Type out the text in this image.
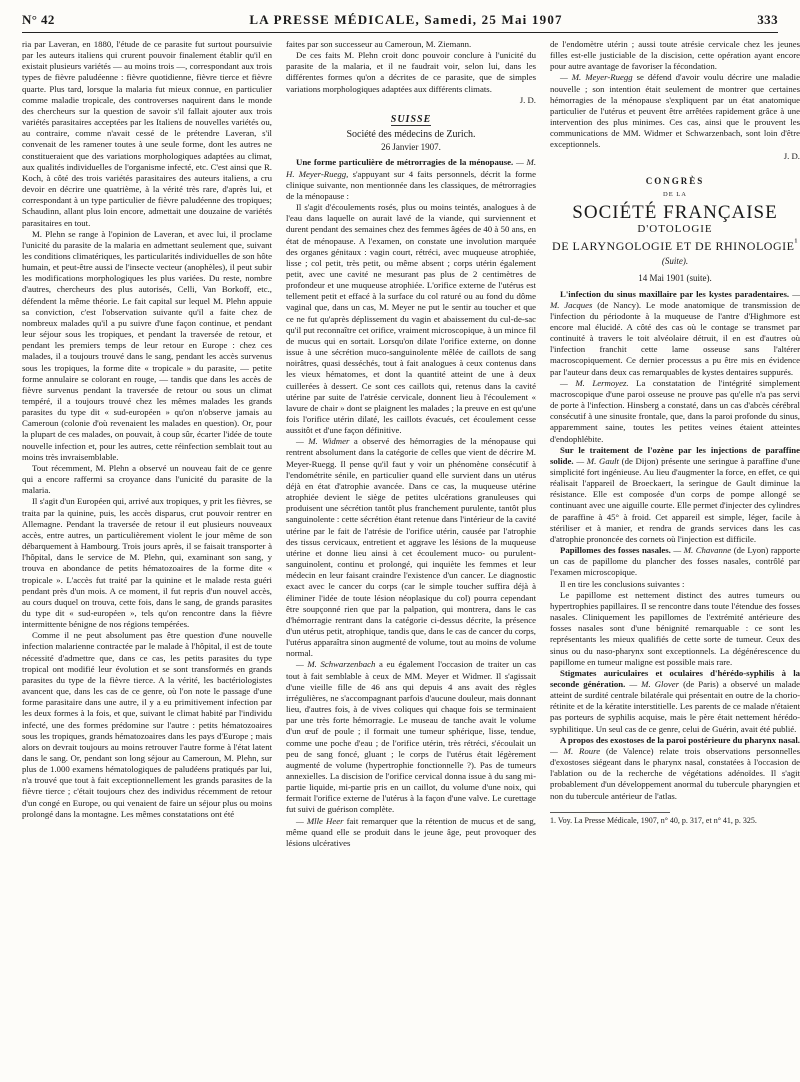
N° 42	LA PRESSE MÉDICALE, Samedi, 25 Mai 1907	333

ria par Laveran, en 1880, l'étude de ce parasite fut surtout poursuivie par les auteurs italiens qui crurent pouvoir finalement établir qu'il en existait plusieurs variétés — au moins trois —, correspondant aux trois types de fièvre paludéenne : fièvre quotidienne, fièvre tierce et fièvre quarte. Plus tard, lorsque la malaria fut mieux connue, en particulier comme maladie tropicale, des controverses naquirent dans le monde des chercheurs sur la question de savoir s'il fallait ajouter aux trois variétés parasitaires acceptées par les Italiens de nouvelles variétés ou, au contraire, comme n'avait cessé de le prétendre Laveran, s'il convenait de les ramener toutes à une seule forme, dont les autres ne constitueraient que des variations morphologiques adaptées au climat, aux qualités individuelles de l'organisme infecté, etc. C'est ainsi que R. Koch, à côté des trois variétés parasitaires des auteurs italiens, a cru devoir en décrire une quatrième, à la vérité très rare, d'après lui, et correspondant à un type particulier de fièvre paludéenne des tropiques; Schaudinn, allant plus loin encore, admettait une douzaine de variétés parasitaires en tout.

M. Plehn se range à l'opinion de Laveran, et avec lui, il proclame l'unicité du parasite de la malaria en admettant seulement que, suivant les conditions climatériques, les particularités individuelles de son hôte humain, et peut-être aussi de l'insecte vecteur (anophèles), il peut subir les modifications morphologiques les plus variées. Du reste, nombre d'autres, chercheurs des plus autorisés, Celli, Van Borkoff, etc., défendent la même théorie. Le fait capital sur lequel M. Plehn appuie sa conviction, c'est l'observation suivante qu'il a faite chez de nombreux malades qu'il a pu suivre d'une façon continue, et pendant leur séjour sous les tropiques, et pendant la traversée de retour, et pendant les premiers temps de leur retour en Europe : chez ces malades, il a toujours trouvé dans le sang, pendant les accès survenus sous les tropiques, la forme dite « tropicale » du parasite, — petite forme annulaire se colorant en rouge, — tandis que dans les accès de fièvre survenus pendant la traversée de retour ou sous un climat tempéré, il a toujours trouvé chez les mêmes malades les grands parasites du type dit « sud-européen » qu'on n'observe jamais au Cameroun (colonie d'où revenaient les malades en question). Or, pour la plupart de ces malades, on pouvait, à coup sûr, écarter l'idée de toute nouvelle infection et, pour les autres, cette réinfection semblait tout au moins très invraisemblable.

Tout récemment, M. Plehn a observé un nouveau fait de ce genre qui a encore raffermi sa croyance dans l'unicité du parasite de la malaria.

Il s'agit d'un Européen qui, arrivé aux tropiques, y prit les fièvres, se traita par la quinine, puis, les accès disparus, crut pouvoir rentrer en Allemagne. Pendant la traversée de retour il eut plusieurs nouveaux accès, entre autres, un particulièrement violent le jour même de son débarquement à Hambourg. Trois jours après, il se faisait transporter à l'hôpital, dans le service de M. Plehn, qui, examinant son sang, y trouva en abondance de petits hématozoaires de la forme dite « tropicale ». L'accès fut traité par la quinine et le malade resta guéri pendant près d'un mois. A ce moment, il fut repris d'un nouvel accès, au cours duquel on trouva, cette fois, dans le sang, de grands parasites du type dit « sud-européen », tels qu'on rencontre dans la fièvre intermittente bénigne de nos régions tempérées.

Comme il ne peut absolument pas être question d'une nouvelle infection malarienne contractée par le malade à l'hôpital, il est de toute nécessité d'admettre que, dans ce cas, les petits parasites du type tropical ont modifié leur évolution et se sont transformés en grands parasites du type de la fièvre tierce. A la vérité, les bactériologistes avancent que, dans les cas de ce genre, où l'on note le passage d'une forme parasitaire dans une autre, il y a eu primitivement infection par les deux formes à la fois, et que, suivant le climat habité par l'individu infecté, une des formes prédomine sur l'autre : petits hématozoaires sous les tropiques, grands hématozoaires dans les pays d'Europe ; mais alors on devrait toujours au moins retrouver l'autre forme à l'état latent dans le sang. Or, pendant son long séjour au Cameroun, M. Plehn, sur plus de 1.000 examens hématologiques de paludéens pratiqués par lui, n'a trouvé que tout à fait exceptionnellement les grands parasites de la fièvre tierce ; c'était toujours chez des individus récemment de retour d'un congé en Europe, ou qui venaient de faire un séjour plus ou moins prolongé dans la montagne. Les mêmes constatations ont été

faites par son successeur au Cameroun, M. Ziemann.

De ces faits M. Plehn croit donc pouvoir conclure à l'unicité du parasite de la malaria, et il ne faudrait voir, selon lui, dans les différentes formes qu'on a décrites de ce parasite, que de simples variations morphologiques adaptées aux différents climats.

J. D.

SUISSE
Société des médecins de Zurich.
26 Janvier 1907.

Une forme particulière de métrorragies de la ménopause. — M. H. Meyer-Ruegg, s'appuyant sur 4 faits personnels, décrit la forme clinique suivante, non mentionnée dans les classiques, de métrorragies de la ménopause :

Il s'agit d'écoulements rosés, plus ou moins teintés, analogues à de l'eau dans laquelle on aurait lavé de la viande, qui surviennent et durent pendant des semaines chez des femmes âgées de 40 à 50 ans, en état de ménopause. A l'examen, on constate une involution marquée des organes génitaux : vagin court, rétréci, avec muqueuse atrophiée, lisse ; col petit, très petit, ou même absent ; corps utérin également petit, avec une cavité ne mesurant pas plus de 2 centimètres de profondeur et une muqueuse atrophiée. L'orifice externe de l'utérus est tellement petit et effacé à la surface du col raturé ou au fond du dôme vaginal que, dans un cas, M. Meyer ne put le sentir au toucher et que ce ne fut qu'après déplissement du vagin et abaissement du cul-de-sac qu'il put reconnaître cet orifice, vraiment microscopique, à un mince fil de mucus qui en sortait. Lorsqu'on dilate l'orifice externe, on donne issue à une sécrétion muco-sanguinolente mêlée de caillots de sang noirâtres, quasi desséchés, tout à fait analogues à ceux contenus dans les vieux hématomes, et dont la quantité atteint de une à deux cuillerées à dessert. Ce sont ces caillots qui, retenus dans la cavité utérine par suite de l'atrésie cervicale, donnent lieu à l'écoulement « lavure de chair » dont se plaignent les malades ; la preuve en est qu'une fois l'orifice utérin dilaté, les caillots évacués, cet écoulement cesse aussitôt et d'une façon définitive.

— M. Widmer a observé des hémorragies de la ménopause qui rentrent absolument dans la catégorie de celles que vient de décrire M. Meyer-Ruegg. Il pense qu'il faut y voir un phénomène consécutif à l'endométrite sénile, en particulier quand elle survient dans un utérus déjà en état d'atrophie avancée. Dans ce cas, la muqueuse utérine atrophiée devient le siège de petites ulcérations granuleuses qui produisent une sécrétion tantôt plus franchement purulente, tantôt plus sanguinolente : cette sécrétion étant retenue dans l'intérieur de la cavité utérine par le fait de l'atrésie de l'orifice utérin, causée par l'atrophie des tissus cervicaux, entretient et aggrave les lésions de la muqueuse utérine et donne lieu ainsi à cet écoulement muco- ou purulent-sanguinolent, continu et prolongé, qui inquiète les femmes et leur médecin en leur faisant craindre l'existence d'un cancer. Le diagnostic exact avec le cancer du corps (car le simple toucher suffira déjà à éliminer l'idée de toute lésion néoplasique du col) pourra cependant être soupçonné rien que par la palpation, qui montrera, dans le cas d'hémorragie rentrant dans la catégorie ci-dessus décrite, la présence d'un utérus petit, atrophique, tandis que, dans le cas de cancer du corps, l'utérus apparaîtra sinon augmenté de volume, tout au moins de volume normal.

— M. Schwarzenbach a eu également l'occasion de traiter un cas tout à fait semblable à ceux de MM. Meyer et Widmer. Il s'agissait d'une vieille fille de 46 ans qui depuis 4 ans avait des règles irrégulières, ne s'accompagnant parfois d'aucune douleur, mais donnant lieu, d'autres fois, à de vives coliques qui chaque fois se terminaient par une très forte hémorragie. Le museau de tanche avait le volume d'un œuf de poule ; il formait une tumeur sphérique, lisse, tendue, comme une poche d'eau ; de l'orifice utérin, très rétréci, s'écoulait un peu de sang foncé, gluant ; le corps de l'utérus était légèrement augmenté de volume (hypertrophie fonctionnelle ?). Pas de tumeurs annexielles. La discision de l'orifice cervical donna issue à du sang mi-partie liquide, mi-partie pris en un caillot, du volume d'une noix, qui fermait l'orifice externe de l'utérus à la façon d'une valve. Le curettage fut suivi de guérison complète.

— Mlle Heer fait remarquer que la rétention de mucus et de sang, même quand elle se produit dans le jeune âge, peut provoquer des lésions ulcératives

de l'endomètre utérin ; aussi toute atrésie cervicale chez les jeunes filles est-elle justiciable de la discision, cette opération ayant encore pour autre avantage de favoriser la fécondation.

— M. Meyer-Ruegg se défend d'avoir voulu décrire une maladie nouvelle ; son intention était seulement de montrer que certaines hémorragies de la ménopause s'expliquent par un état anatomique particulier de l'utérus et peuvent être arrêtées rapidement grâce à une intervention des plus minimes. Ces cas, ainsi que le prouvent les communications de MM. Widmer et Schwarzenbach, sont loin d'être exceptionnels.

J. D.

CONGRÈS
DE LA
SOCIÉTÉ FRANÇAISE
D'OTOLOGIE
DE LARYNGOLOGIE ET DE $RHINOLOGIE^{^1}$
(Suite).
14 Mai 1901 (suite).

L'infection du sinus maxillaire par les kystes paradentaires. — M. Jacques (de Nancy). Le mode anatomique de transmission de l'infection du périodonte à la muqueuse de l'antre d'Highmore est encore mal élucidé. A côté des cas où le contage se transmet par continuité à travers le toit alvéolaire détruit, il en est d'autres où l'infection franchit cette lame osseuse sans l'altérer macroscopiquement. Ce dernier processus a pu être mis en évidence par l'auteur dans deux cas remarquables de kystes dentaires suppurés.

— M. Lermoyez. La constatation de l'intégrité simplement macroscopique d'une paroi osseuse ne prouve pas qu'elle n'a pas servi de porte à l'infection. Hinsberg a constaté, dans un cas d'abcès cérébral consécutif à une sinusite frontale, que, dans la paroi profonde du sinus, apparemment saine, toutes les petites veines étaient atteintes d'endophlébite.

Sur le traitement de l'ozène par les injections de paraffine solide. — M. Gault (de Dijon) présente une seringue à paraffine d'une simplicité fort ingénieuse. Au lieu d'augmenter la force, en effet, ce qui réalisait l'appareil de Broeckaert, la seringue de Gault diminue la résistance. Elle est composée d'un corps de pompe allongé se continuant avec une aiguille courte. Elle permet d'injecter des cylindres de paraffine à 45° à froid. Cet appareil est simple, léger, facile à stériliser et à manier, et rendra de grands services dans les cas d'atrophie prononcée des cornets où l'injection est difficile.

Papillomes des fosses nasales. — M. Chavanne (de Lyon) rapporte un cas de papillome du plancher des fosses nasales, contrôlé par l'examen microscopique.

Il en tire les conclusions suivantes :

Le papillome est nettement distinct des autres tumeurs ou hypertrophies papillaires. Il se rencontre dans toute l'étendue des fosses nasales. Cliniquement les papillomes de l'extrémité antérieure des fosses nasales sont d'une bénignité remarquable : ce sont les représentants les mieux qualifiés de cette sorte de tumeur. Ceux des sinus ou du naso-pharynx sont exceptionnels. La dégénérescence du papillome en tumeur maligne est possible mais rare.

Stigmates auriculaires et oculaires d'hérédo-syphilis à la seconde génération. — M. Glover (de Paris) a observé un malade atteint de surdité centrale bilatérale qui présentait en outre de la chorio-rétinite et de la kératite interstitielle. Les parents de ce malade n'étaient pas porteurs de syphilis acquise, mais le père était nettement hérédo-syphilitique. Un seul cas de ce genre, celui de Guérin, avait été publié.

A propos des exostoses de la paroi postérieure du pharynx nasal. — M. Roure (de Valence) relate trois observations personnelles d'exostoses siégeant dans le pharynx nasal, constatées à l'occasion de l'ablation ou de la recherche de végétations adénoïdes. Il s'agit probablement d'un développement anormal du tubercule pharyngien et non du tubercule antérieur de l'atlas.

1. Voy. La Presse Médicale, 1907, n° 40, p. 317, et n° 41, p. 325.
